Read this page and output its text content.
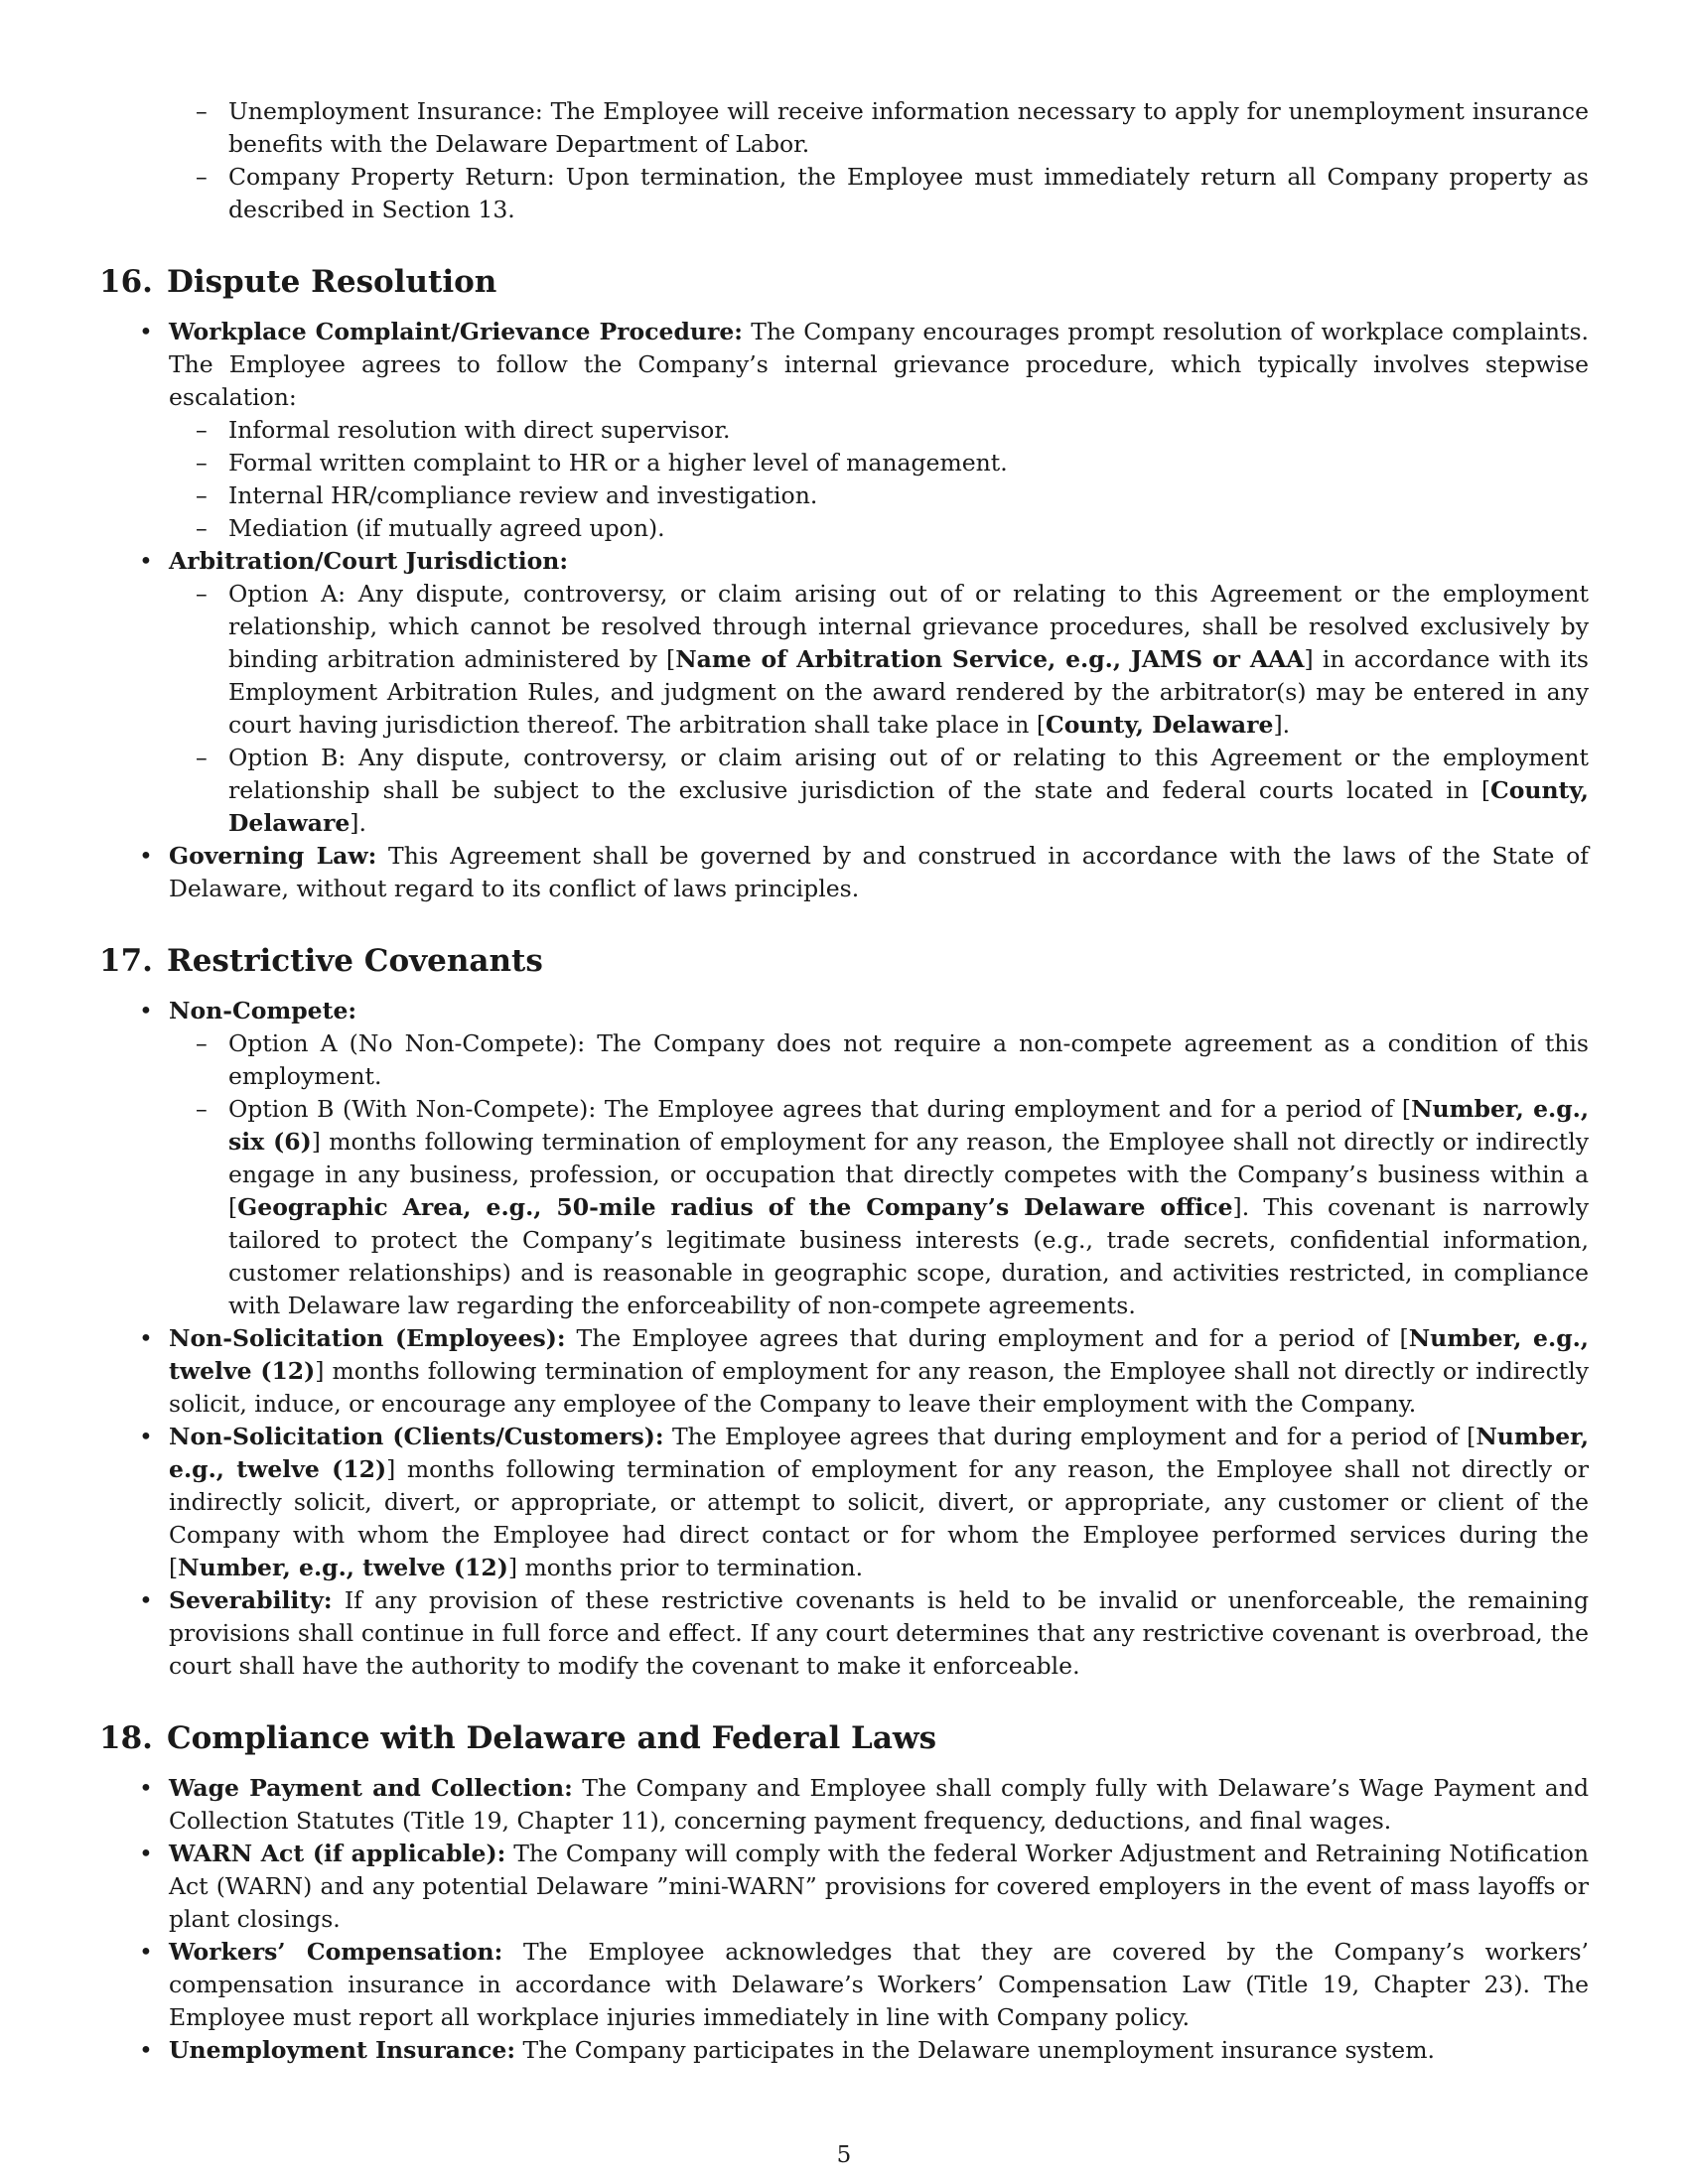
– Unemployment Insurance: The Employee will receive information necessary to apply for unemployment insurance benefits with the Delaware Department of Labor.
– Company Property Return: Upon termination, the Employee must immediately return all Company property as described in Section 13.
16. Dispute Resolution
• Workplace Complaint/Grievance Procedure: The Company encourages prompt resolution of workplace complaints. The Employee agrees to follow the Company’s internal grievance procedure, which typically involves stepwise escalation:
– Informal resolution with direct supervisor.
– Formal written complaint to HR or a higher level of management.
– Internal HR/compliance review and investigation.
– Mediation (if mutually agreed upon).
• Arbitration/Court Jurisdiction:
– Option A: Any dispute, controversy, or claim arising out of or relating to this Agreement or the employment relationship, which cannot be resolved through internal grievance procedures, shall be resolved exclusively by binding arbitration administered by [Name of Arbitration Service, e.g., JAMS or AAA] in accordance with its Employment Arbitration Rules, and judgment on the award rendered by the arbitrator(s) may be entered in any court having jurisdiction thereof. The arbitration shall take place in [County, Delaware].
– Option B: Any dispute, controversy, or claim arising out of or relating to this Agreement or the employment relationship shall be subject to the exclusive jurisdiction of the state and federal courts located in [County, Delaware].
• Governing Law: This Agreement shall be governed by and construed in accordance with the laws of the State of Delaware, without regard to its conflict of laws principles.
17. Restrictive Covenants
• Non-Compete:
– Option A (No Non-Compete): The Company does not require a non-compete agreement as a condition of this employment.
– Option B (With Non-Compete): The Employee agrees that during employment and for a period of [Number, e.g., six (6)] months following termination of employment for any reason, the Employee shall not directly or indirectly engage in any business, profession, or occupation that directly competes with the Company’s business within a [Geographic Area, e.g., 50-mile radius of the Company’s Delaware office]. This covenant is narrowly tailored to protect the Company’s legitimate business interests (e.g., trade secrets, confidential information, customer relationships) and is reasonable in geographic scope, duration, and activities restricted, in compliance with Delaware law regarding the enforceability of non-compete agreements.
• Non-Solicitation (Employees): The Employee agrees that during employment and for a period of [Number, e.g., twelve (12)] months following termination of employment for any reason, the Employee shall not directly or indirectly solicit, induce, or encourage any employee of the Company to leave their employment with the Company.
• Non-Solicitation (Clients/Customers): The Employee agrees that during employment and for a period of [Number, e.g., twelve (12)] months following termination of employment for any reason, the Employee shall not directly or indirectly solicit, divert, or appropriate, or attempt to solicit, divert, or appropriate, any customer or client of the Company with whom the Employee had direct contact or for whom the Employee performed services during the [Number, e.g., twelve (12)] months prior to termination.
• Severability: If any provision of these restrictive covenants is held to be invalid or unenforceable, the remaining provisions shall continue in full force and effect. If any court determines that any restrictive covenant is overbroad, the court shall have the authority to modify the covenant to make it enforceable.
18. Compliance with Delaware and Federal Laws
• Wage Payment and Collection: The Company and Employee shall comply fully with Delaware’s Wage Payment and Collection Statutes (Title 19, Chapter 11), concerning payment frequency, deductions, and final wages.
• WARN Act (if applicable): The Company will comply with the federal Worker Adjustment and Retraining Notification Act (WARN) and any potential Delaware ”mini-WARN” provisions for covered employers in the event of mass layoffs or plant closings.
• Workers’ Compensation: The Employee acknowledges that they are covered by the Company’s workers’ compensation insurance in accordance with Delaware’s Workers’ Compensation Law (Title 19, Chapter 23). The Employee must report all workplace injuries immediately in line with Company policy.
• Unemployment Insurance: The Company participates in the Delaware unemployment insurance system.
5
